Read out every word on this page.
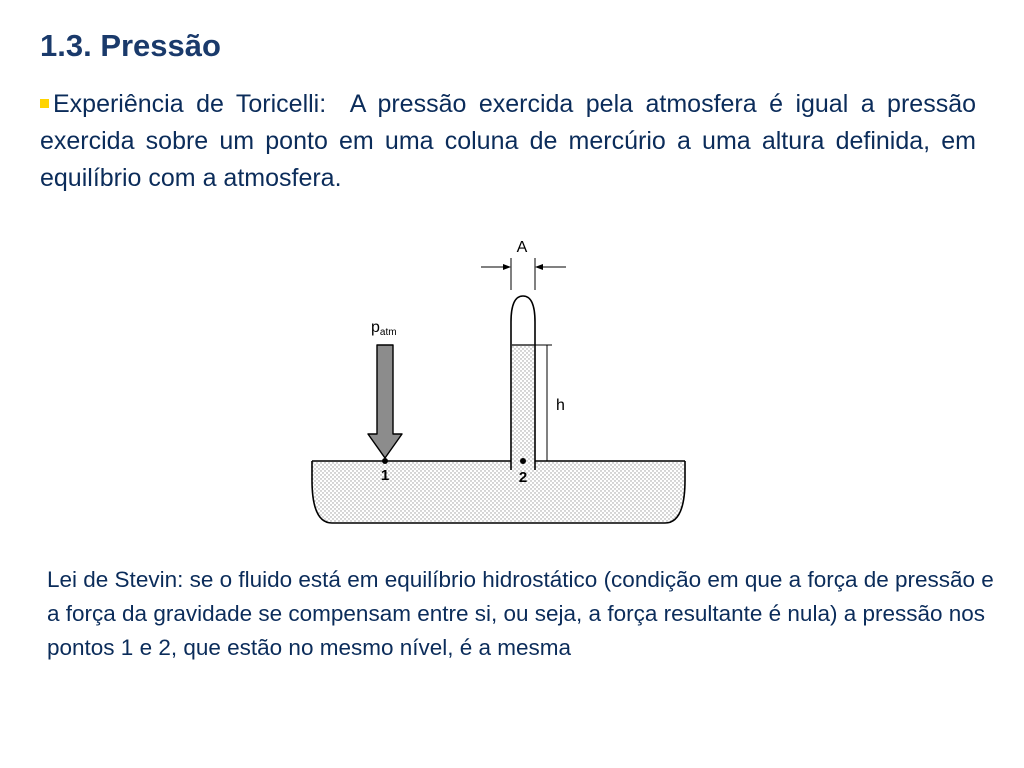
1.3. Pressão

Experiência de Toricelli: A pressão exercida pela atmosfera é igual a pressão exercida sobre um ponto em uma coluna de mercúrio a uma altura definida, em equilíbrio com a atmosfera.

A
h
patm
1	2

Lei de Stevin: se o fluido está em equilíbrio hidrostático (condição em que a força de pressão e a força da gravidade se compensam entre si, ou seja, a força resultante é nula) a pressão nos pontos 1 e 2, que estão no mesmo nível, é a mesma
